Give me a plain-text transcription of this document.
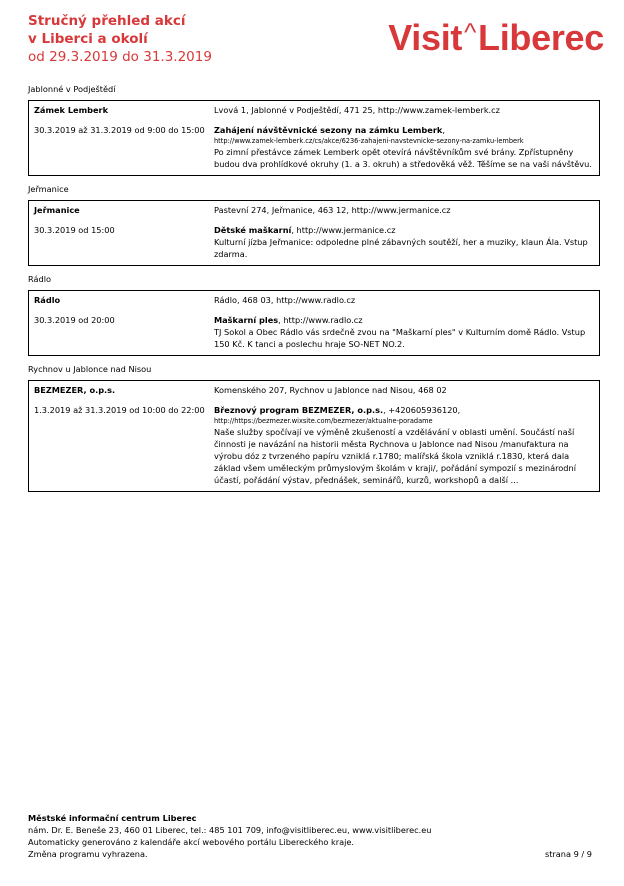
Stručný přehled akcí
v Liberci a okolí
od 29.3.2019 do 31.3.2019	Visit^Liberec
Jablonné v Podještědí
Zámek Lemberk
30.3.2019 až 31.3.2019 od 9:00 do 15:00
Lvová 1, Jablonné v Podještědí, 471 25, http://www.zamek-lemberk.cz
Zahájení návštěvnické sezony na zámku Lemberk,
http://www.zamek-lemberk.cz/cs/akce/6236-zahajeni-navstevnicke-sezony-na-zamku-lemberk
Po zimní přestávce zámek Lemberk opět otevírá návštěvníkům své brány. Zpřístupněny budou dva prohlídkové okruhy (1. a 3. okruh) a středověká věž. Těšíme se na vaši návštěvu.
Jeřmanice
Jeřmanice
30.3.2019 od 15:00
Pastevní 274, Jeřmanice, 463 12, http://www.jermanice.cz
Dětské maškarní, http://www.jermanice.cz
Kulturní jízba Jeřmanice: odpoledne plné zábavných soutěží, her a muziky, klaun Ála. Vstup zdarma.
Rádlo
Rádlo
30.3.2019 od 20:00
Rádlo, 468 03, http://www.radlo.cz
Maškarní ples, http://www.radlo.cz
TJ Sokol a Obec Rádlo vás srdečně zvou na "Maškarní ples" v Kulturním domě Rádlo. Vstup 150 Kč. K tanci a poslechu hraje SO-NET NO.2.
Rychnov u Jablonce nad Nisou
BEZMEZER, o.p.s.
1.3.2019 až 31.3.2019 od 10:00 do 22:00
Komenského 207, Rychnov u Jablonce nad Nisou, 468 02
Březnový program BEZMEZER, o.p.s., +420605936120,
http://https://bezmezer.wixsite.com/bezmezer/aktualne-poradame
Naše služby spočívají ve výměně zkušeností a vzdělávání v oblasti umění. Součástí naší činnosti je navázání na historii města Rychnova u Jablonce nad Nisou /manufaktura na výrobu dóz z tvrzeného papíru vzniklá r.1780; malířská škola vzniklá r.1830, která dala základ všem uměleckým průmyslovým školám v kraji/, pořádání sympozií s mezinárodní účastí, pořádání výstav, přednášek, seminářů, kurzů, workshopů a další ...
Městské informační centrum Liberec
nám. Dr. E. Beneše 23, 460 01 Liberec, tel.: 485 101 709, info@visitliberec.eu, www.visitliberec.eu
Automaticky generováno z kalendáře akcí webového portálu Libereckého kraje.
Změna programu vyhrazena.	strana 9 / 9
